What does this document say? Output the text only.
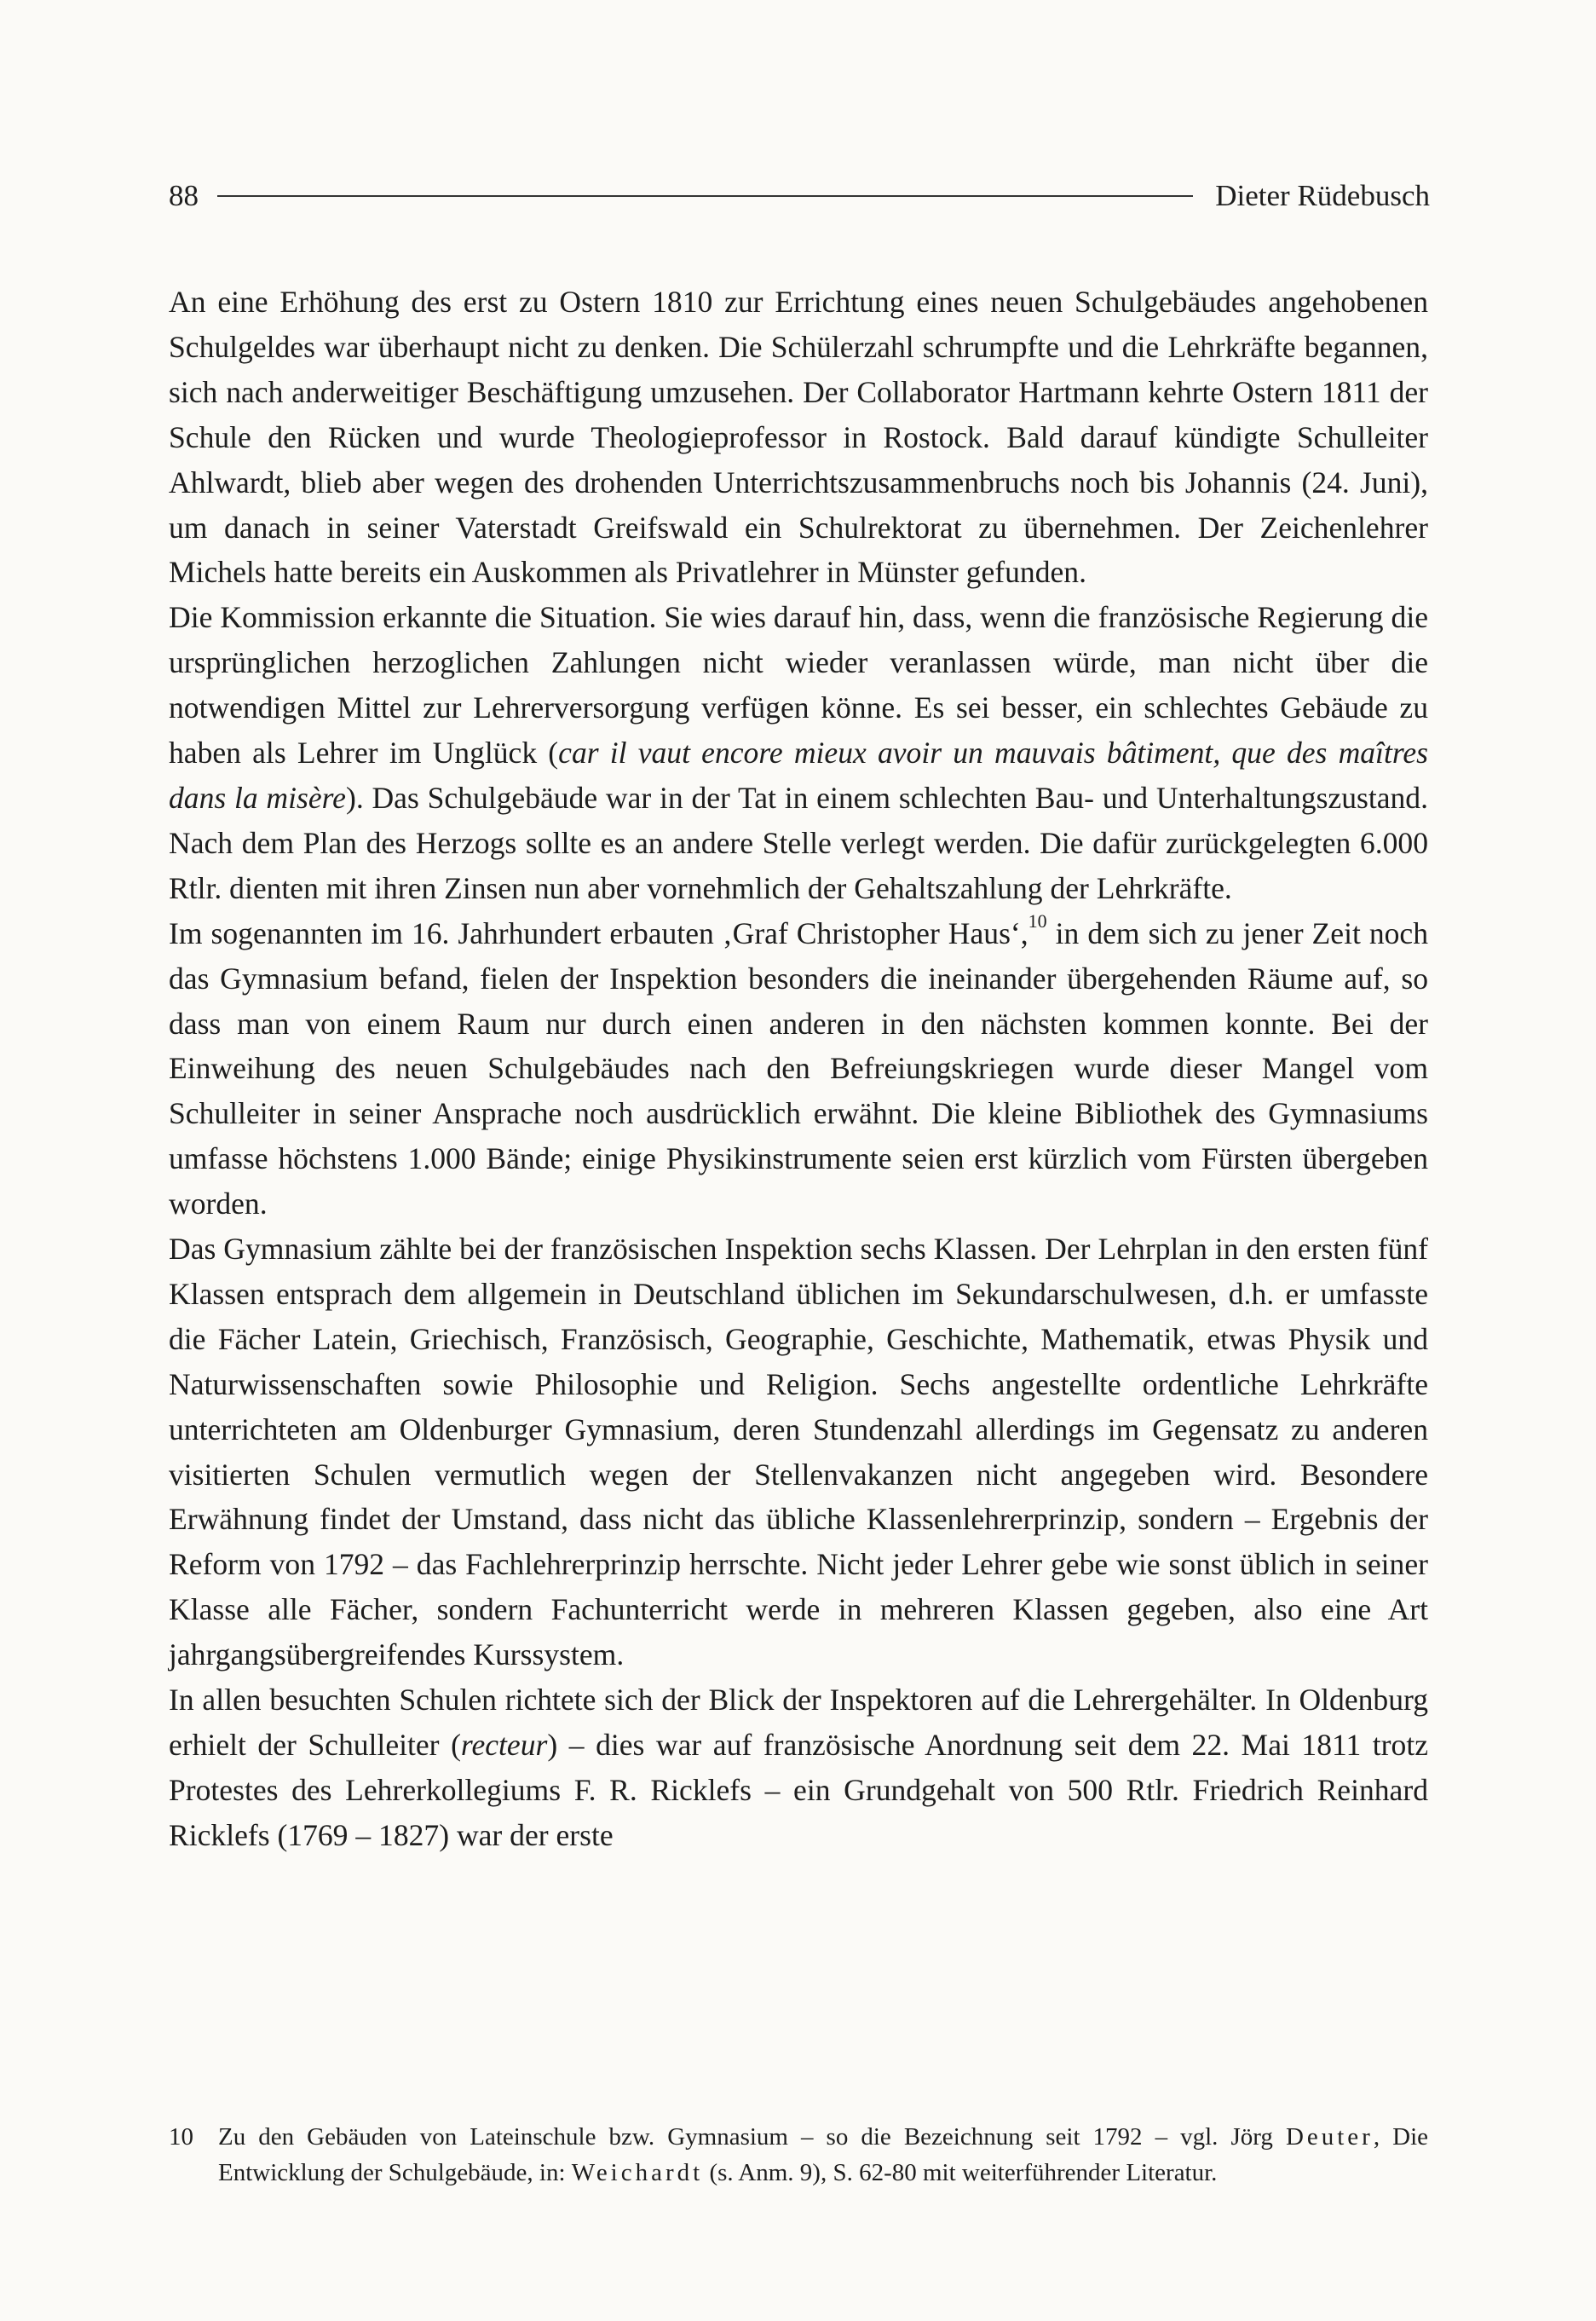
88	Dieter Rüdebusch

An eine Erhöhung des erst zu Ostern 1810 zur Errichtung eines neuen Schulgebäudes angehobenen Schulgeldes war überhaupt nicht zu denken. Die Schülerzahl schrumpfte und die Lehrkräfte begannen, sich nach anderweitiger Beschäftigung umzusehen. Der Collaborator Hartmann kehrte Ostern 1811 der Schule den Rücken und wurde Theologieprofessor in Rostock. Bald darauf kündigte Schulleiter Ahlwardt, blieb aber wegen des drohenden Unterrichtszusammenbruchs noch bis Johannis (24. Juni), um danach in seiner Vaterstadt Greifswald ein Schulrektorat zu übernehmen. Der Zeichenlehrer Michels hatte bereits ein Auskommen als Privatlehrer in Münster gefunden.

Die Kommission erkannte die Situation. Sie wies darauf hin, dass, wenn die französische Regierung die ursprünglichen herzoglichen Zahlungen nicht wieder veranlassen würde, man nicht über die notwendigen Mittel zur Lehrerversorgung verfügen könne. Es sei besser, ein schlechtes Gebäude zu haben als Lehrer im Unglück (car il vaut encore mieux avoir un mauvais bâtiment, que des maîtres dans la misère). Das Schulgebäude war in der Tat in einem schlechten Bau- und Unterhaltungszustand. Nach dem Plan des Herzogs sollte es an andere Stelle verlegt werden. Die dafür zurückgelegten 6.000 Rtlr. dienten mit ihren Zinsen nun aber vornehmlich der Gehaltszahlung der Lehrkräfte.

Im sogenannten im 16. Jahrhundert erbauten ‚Graf Christopher Haus‘,$^{10}$ in dem sich zu jener Zeit noch das Gymnasium befand, fielen der Inspektion besonders die ineinander übergehenden Räume auf, so dass man von einem Raum nur durch einen anderen in den nächsten kommen konnte. Bei der Einweihung des neuen Schulgebäudes nach den Befreiungskriegen wurde dieser Mangel vom Schulleiter in seiner Ansprache noch ausdrücklich erwähnt. Die kleine Bibliothek des Gymnasiums umfasse höchstens 1.000 Bände; einige Physikinstrumente seien erst kürzlich vom Fürsten übergeben worden.

Das Gymnasium zählte bei der französischen Inspektion sechs Klassen. Der Lehrplan in den ersten fünf Klassen entsprach dem allgemein in Deutschland üblichen im Sekundarschulwesen, d.h. er umfasste die Fächer Latein, Griechisch, Französisch, Geographie, Geschichte, Mathematik, etwas Physik und Naturwissenschaften sowie Philosophie und Religion. Sechs angestellte ordentliche Lehrkräfte unterrichteten am Oldenburger Gymnasium, deren Stundenzahl allerdings im Gegensatz zu anderen visitierten Schulen vermutlich wegen der Stellenvakanzen nicht angegeben wird. Besondere Erwähnung findet der Umstand, dass nicht das übliche Klassenlehrerprinzip, sondern – Ergebnis der Reform von 1792 – das Fachlehrerprinzip herrschte. Nicht jeder Lehrer gebe wie sonst üblich in seiner Klasse alle Fächer, sondern Fachunterricht werde in mehreren Klassen gegeben, also eine Art jahrgangsübergreifendes Kurssystem.

In allen besuchten Schulen richtete sich der Blick der Inspektoren auf die Lehrergehälter. In Oldenburg erhielt der Schulleiter (recteur) – dies war auf französische Anordnung seit dem 22. Mai 1811 trotz Protestes des Lehrerkollegiums F. R. Ricklefs – ein Grundgehalt von 500 Rtlr. Friedrich Reinhard Ricklefs (1769 – 1827) war der erste

10	Zu den Gebäuden von Lateinschule bzw. Gymnasium – so die Bezeichnung seit 1792 – vgl. Jörg Deuter, Die Entwicklung der Schulgebäude, in: Weichardt (s. Anm. 9), S. 62-80 mit weiterführender Literatur.
